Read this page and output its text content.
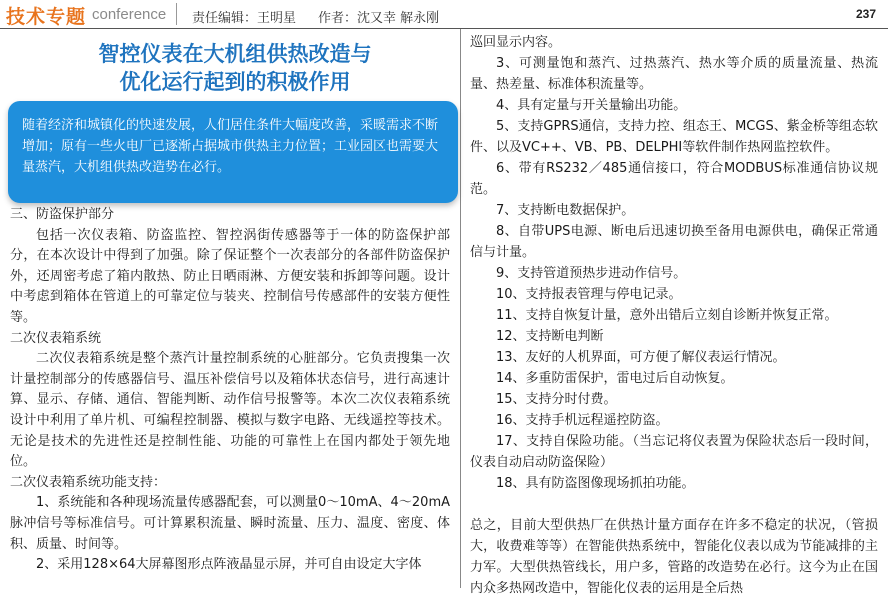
技术专题 conference 责任编辑：王明星 作者：沈又幸 解永刚	237
智控仪表在大机组供热改造与
优化运行起到的积极作用

随着经济和城镇化的快速发展，人们居住条件大幅度改善，采暖需求不断增加；原有一些火电厂已逐渐占据城市供热主力位置；工业园区也需要大量蒸汽，大机组供热改造势在必行。

三、防盗保护部分

包括一次仪表箱、防盗监控、智控涡街传感器等于一体的防盗保护部分，在本次设计中得到了加强。除了保证整个一次表部分的各部件防盗保护外，还周密考虑了箱内散热、防止日晒雨淋、方便安装和拆卸等问题。设计中考虑到箱体在管道上的可靠定位与装夹、控制信号传感部件的安装方便性等。

二次仪表箱系统

二次仪表箱系统是整个蒸汽计量控制系统的心脏部分。它负责搜集一次计量控制部分的传感器信号、温压补偿信号以及箱体状态信号，进行高速计算、显示、存储、通信、智能判断、动作信号报警等。本次二次仪表箱系统设计中利用了单片机、可编程控制器、模拟与数字电路、无线遥控等技术。无论是技术的先进性还是控制性能、功能的可靠性上在国内都处于领先地位。

二次仪表箱系统功能支持：

1、系统能和各种现场流量传感器配套，可以测量0～10mA、4～20mA脉冲信号等标准信号。可计算累积流量、瞬时流量、压力、温度、密度、体积、质量、时间等。

2、采用128×64大屏幕图形点阵液晶显示屏，并可自由设定大字体

巡回显示内容。

3、可测量饱和蒸汽、过热蒸汽、热水等介质的质量流量、热流量、热差量、标准体积流量等。

4、具有定量与开关量输出功能。

5、支持GPRS通信，支持力控、组态王、MCGS、紫金桥等组态软件、以及VC++、VB、PB、DELPHI等软件制作热网监控软件。

6、带有RS232／485通信接口，符合MODBUS标准通信协议规范。

7、支持断电数据保护。

8、自带UPS电源、断电后迅速切换至备用电源供电，确保正常通信与计量。

9、支持管道预热步进动作信号。

10、支持报表管理与停电记录。

11、支持自恢复计量，意外出错后立刻自诊断并恢复正常。

12、支持断电判断

13、友好的人机界面，可方便了解仪表运行情况。

14、多重防雷保护，雷电过后自动恢复。

15、支持分时付费。

16、支持手机远程遥控防盗。

17、支持自保险功能。（当忘记将仪表置为保险状态后一段时间，仪表自动启动防盗保险）

18、具有防盗图像现场抓拍功能。

总之，目前大型供热厂在供热计量方面存在许多不稳定的状况，（管损大，收费难等等）在智能供热系统中，智能化仪表以成为节能减排的主力军。大型供热管线长，用户多，管路的改造势在必行。这今为止在国内众多热网改造中，智能化仪表的运用是全后热
